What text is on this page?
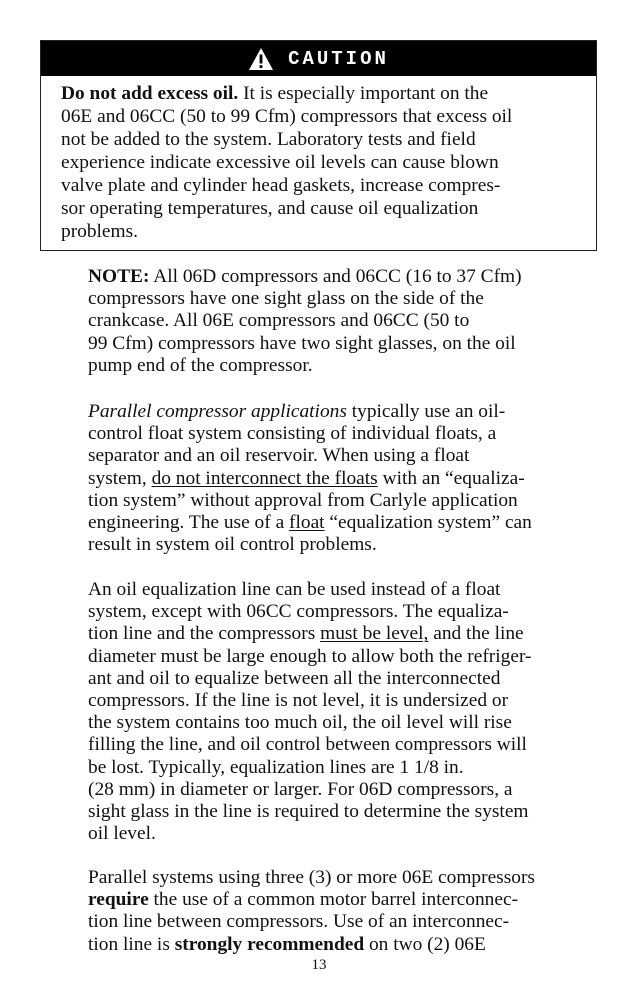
CAUTION
Do not add excess oil. It is especially important on the
06E and 06CC (50 to 99 Cfm) compressors that excess oil
not be added to the system. Laboratory tests and field
experience indicate excessive oil levels can cause blown
valve plate and cylinder head gaskets, increase compres-
sor operating temperatures, and cause oil equalization
problems.
NOTE: All 06D compressors and 06CC (16 to 37 Cfm)
compressors have one sight glass on the side of the
crankcase. All 06E compressors and 06CC (50 to
99 Cfm) compressors have two sight glasses, on the oil
pump end of the compressor.
Parallel compressor applications typically use an oil-
control float system consisting of individual floats, a
separator and an oil reservoir. When using a float
system, do not interconnect the floats with an “equaliza-
tion system” without approval from Carlyle application
engineering. The use of a float “equalization system” can
result in system oil control problems.
An oil equalization line can be used instead of a float
system, except with 06CC compressors. The equaliza-
tion line and the compressors must be level, and the line
diameter must be large enough to allow both the refriger-
ant and oil to equalize between all the interconnected
compressors. If the line is not level, it is undersized or
the system contains too much oil, the oil level will rise
filling the line, and oil control between compressors will
be lost. Typically, equalization lines are 1 1/8 in.
(28 mm) in diameter or larger. For 06D compressors, a
sight glass in the line is required to determine the system
oil level.
Parallel systems using three (3) or more 06E compressors
require the use of a common motor barrel interconnec-
tion line between compressors. Use of an interconnec-
tion line is strongly recommended on two (2) 06E
13
